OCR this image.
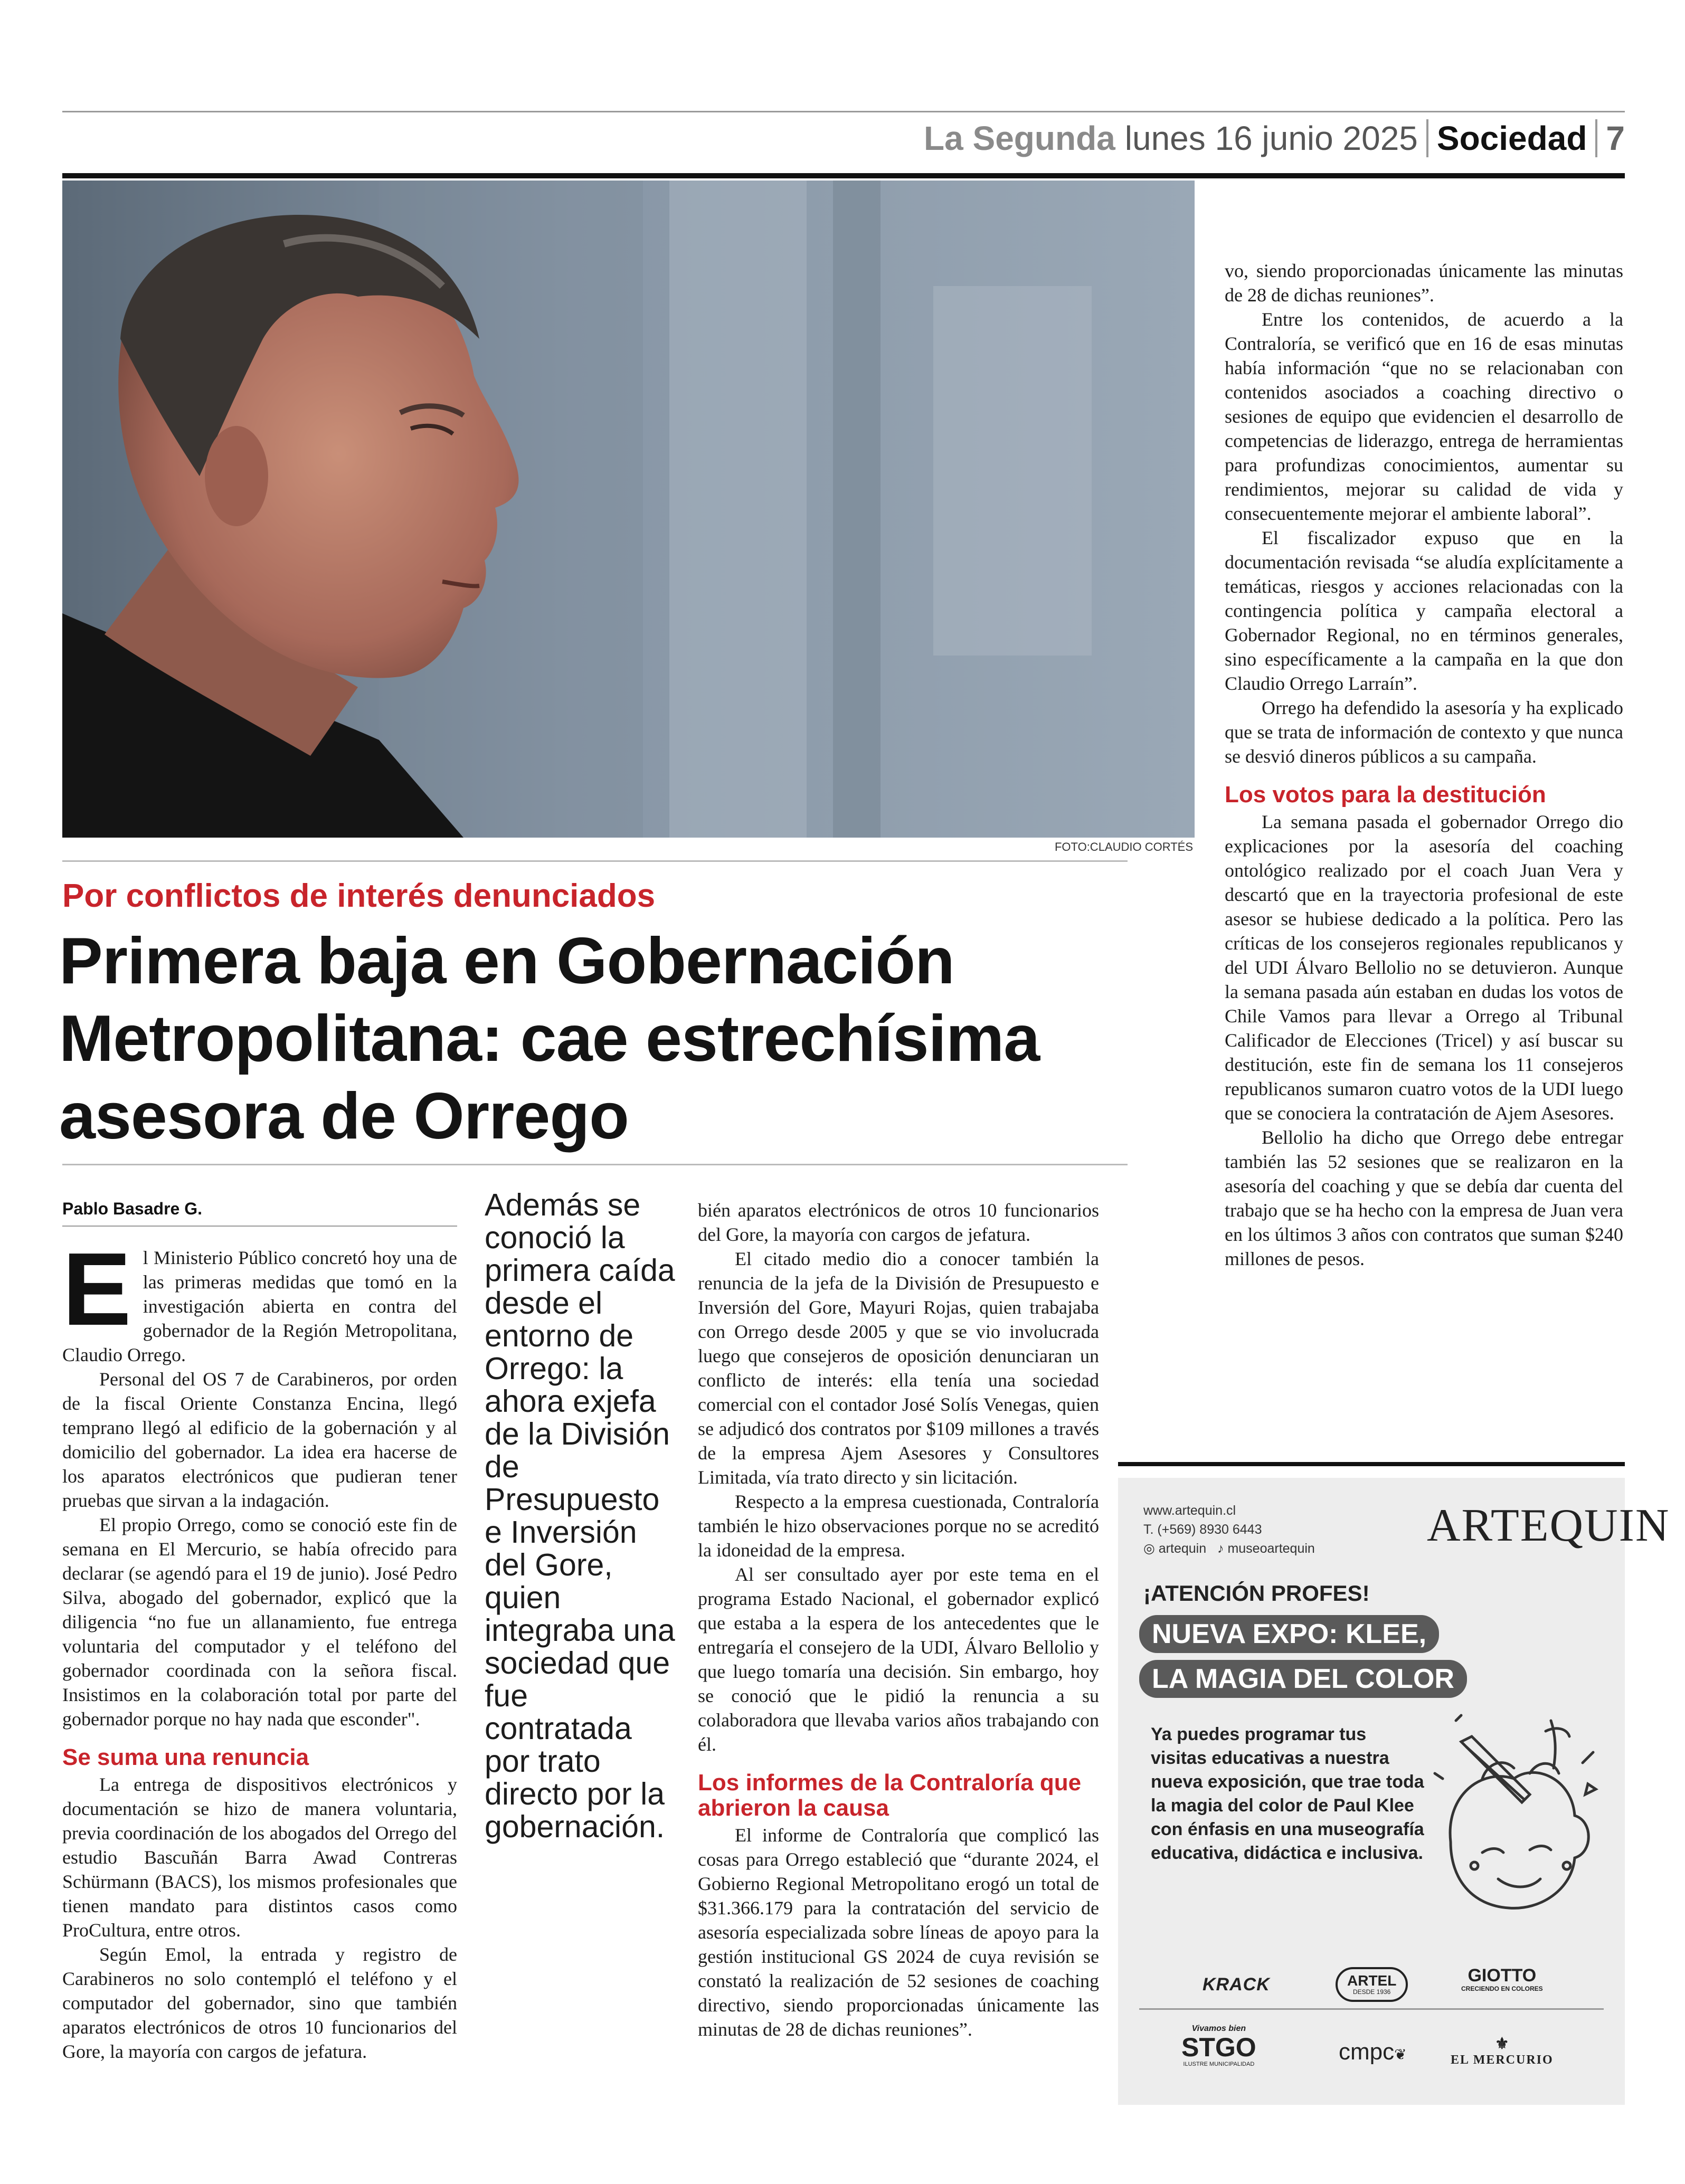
La Segunda lunes 16 junio 2025 Sociedad 7
FOTO:CLAUDIO CORTÉS
Por conflictos de interés denunciados
Primera baja en Gobernación
Metropolitana: cae estrechísima
asesora de Orrego
Pablo Basadre G.

El Ministerio Público concretó hoy una de las primeras medidas que tomó en la investigación abierta en contra del gobernador de la Región Metropolitana, Claudio Orrego.

Personal del OS 7 de Carabineros, por orden de la fiscal Oriente Constanza Encina, llegó temprano llegó al edificio de la gobernación y al domicilio del gobernador. La idea era hacerse de los aparatos electrónicos que pudieran tener pruebas que sirvan a la indagación.

El propio Orrego, como se conoció este fin de semana en El Mercurio, se había ofrecido para declarar (se agendó para el 19 de junio). José Pedro Silva, abogado del gobernador, explicó que la diligencia “no fue un allanamiento, fue entrega voluntaria del computador y el teléfono del gobernador coordinada con la señora fiscal. Insistimos en la colaboración total por parte del gobernador porque no hay nada que esconder".

Se suma una renuncia

La entrega de dispositivos electrónicos y documentación se hizo de manera voluntaria, previa coordinación de los abogados del Orrego del estudio Bascuñán Barra Awad Contreras Schürmann (BACS), los mismos profesionales que tienen mandato para distintos casos como ProCultura, entre otros.

Según Emol, la entrada y registro de Carabineros no solo contempló el teléfono y el computador del gobernador, sino que también aparatos electrónicos de otros 10 funcionarios del Gore, la mayoría con cargos de jefatura.

Además se conoció la primera caída desde el entorno de Orrego: la ahora exjefa de la División de Presupuesto e Inversión del Gore, quien integraba una sociedad que fue contratada por trato directo por la gobernación.

bién aparatos electrónicos de otros 10 funcionarios del Gore, la mayoría con cargos de jefatura.

El citado medio dio a conocer también la renuncia de la jefa de la División de Presupuesto e Inversión del Gore, Mayuri Rojas, quien trabajaba con Orrego desde 2005 y que se vio involucrada luego que consejeros de oposición denunciaran un conflicto de interés: ella tenía una sociedad comercial con el contador José Solís Venegas, quien se adjudicó dos contratos por $109 millones a través de la empresa Ajem Asesores y Consultores Limitada, vía trato directo y sin licitación.

Respecto a la empresa cuestionada, Contraloría también le hizo observaciones porque no se acreditó la idoneidad de la empresa.

Al ser consultado ayer por este tema en el programa Estado Nacional, el gobernador explicó que estaba a la espera de los antecedentes que le entregaría el consejero de la UDI, Álvaro Bellolio y que luego tomaría una decisión. Sin embargo, hoy se conoció que le pidió la renuncia a su colaboradora que llevaba varios años trabajando con él.

Los informes de la Contraloría que abrieron la causa

El informe de Contraloría que complicó las cosas para Orrego estableció que “durante 2024, el Gobierno Regional Metropolitano erogó un total de $31.366.179 para la contratación del servicio de asesoría especializada sobre líneas de apoyo para la gestión institucional GS 2024 de cuya revisión se constató la realización de 52 sesiones de coaching directivo, siendo proporcionadas únicamente las minutas de 28 de dichas reuniones”.

vo, siendo proporcionadas únicamente las minutas de 28 de dichas reuniones”.

Entre los contenidos, de acuerdo a la Contraloría, se verificó que en 16 de esas minutas había información “que no se relacionaban con contenidos asociados a coaching directivo o sesiones de equipo que evidencien el desarrollo de competencias de liderazgo, entrega de herramientas para profundizas conocimientos, aumentar su rendimientos, mejorar su calidad de vida y consecuentemente mejorar el ambiente laboral”.

El fiscalizador expuso que en la documentación revisada “se aludía explícitamente a temáticas, riesgos y acciones relacionadas con la contingencia política y campaña electoral a Gobernador Regional, no en términos generales, sino específicamente a la campaña en la que don Claudio Orrego Larraín”.

Orrego ha defendido la asesoría y ha explicado que se trata de información de contexto y que nunca se desvió dineros públicos a su campaña.

Los votos para la destitución

La semana pasada el gobernador Orrego dio explicaciones por la asesoría del coaching ontológico realizado por el coach Juan Vera y descartó que en la trayectoria profesional de este asesor se hubiese dedicado a la política. Pero las críticas de los consejeros regionales republicanos y del UDI Álvaro Bellolio no se detuvieron. Aunque la semana pasada aún estaban en dudas los votos de Chile Vamos para llevar a Orrego al Tribunal Calificador de Elecciones (Tricel) y así buscar su destitución, este fin de semana los 11 consejeros republicanos sumaron cuatro votos de la UDI luego que se conociera la contratación de Ajem Asesores.

Bellolio ha dicho que Orrego debe entregar también las 52 sesiones que se realizaron en la asesoría del coaching y que se debía dar cuenta del trabajo que se ha hecho con la empresa de Juan vera en los últimos 3 años con contratos que suman $240 millones de pesos.

www.artequin.cl
T. (+569) 8930 6443
◎ artequin ♪ museoartequin ARTEQUIN
¡ATENCIÓN PROFES!
NUEVA EXPO: KLEE,
LA MAGIA DEL COLOR
Ya puedes programar tus visitas educativas a nuestra nueva exposición, que trae toda la magia del color de Paul Klee con énfasis en una museografía educativa, didáctica e inclusiva.
KRACK	ARTEL
DESDE 1936
GIOTTO
CRECIENDO EN COLORES
Vivamos bien
STGO
ILUSTRE MUNICIPALIDAD	cmpc❦
⚜
EL MERCURIO
